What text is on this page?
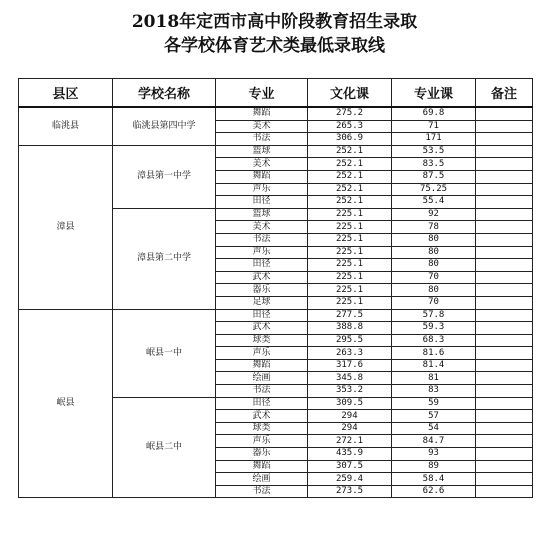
2018年定西市高中阶段教育招生录取
各学校体育艺术类最低录取线
县区	学校名称	专业	文化课	专业课	备注
临洮县	临洮县第四中学	舞蹈	275.2	69.8	
		美术	265.3	71	
		书法	306.9	171	
漳县	漳县第一中学	篮球	252.1	53.5	
		美术	252.1	83.5	
		舞蹈	252.1	87.5	
		声乐	252.1	75.25	
		田径	252.1	55.4	
	漳县第二中学	篮球	225.1	92	
		美术	225.1	78	
		书法	225.1	80	
		声乐	225.1	80	
		田径	225.1	80	
		武术	225.1	70	
		器乐	225.1	80	
		足球	225.1	70	
岷县	岷县一中	田径	277.5	57.8	
		武术	388.8	59.3	
		球类	295.5	68.3	
		声乐	263.3	81.6	
		舞蹈	317.6	81.4	
		绘画	345.8	81	
		书法	353.2	83	
	岷县二中	田径	309.5	59	
		武术	294	57	
		球类	294	54	
		声乐	272.1	84.7	
		器乐	435.9	93	
		舞蹈	307.5	89	
		绘画	259.4	58.4	
		书法	273.5	62.6	
